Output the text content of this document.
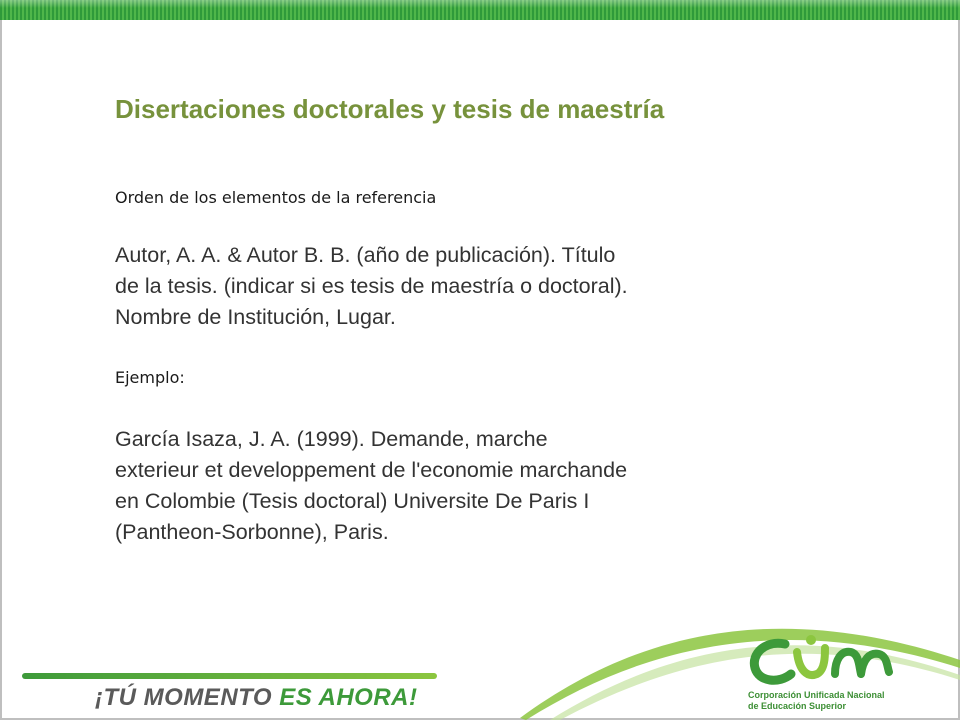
Disertaciones doctorales y tesis de maestría
Orden de los elementos de la referencia
Autor, A. A. & Autor B. B. (año de publicación). Título
de la tesis. (indicar si es tesis de maestría o doctoral).
Nombre de Institución, Lugar.
Ejemplo:
García Isaza, J. A. (1999). Demande, marche
exterieur et developpement de l'economie marchande
en Colombie (Tesis doctoral) Universite De Paris I
(Pantheon-Sorbonne), Paris.
¡TÚ MOMENTO ES AHORA!	Corporación Unificada Nacional
de Educación Superior
